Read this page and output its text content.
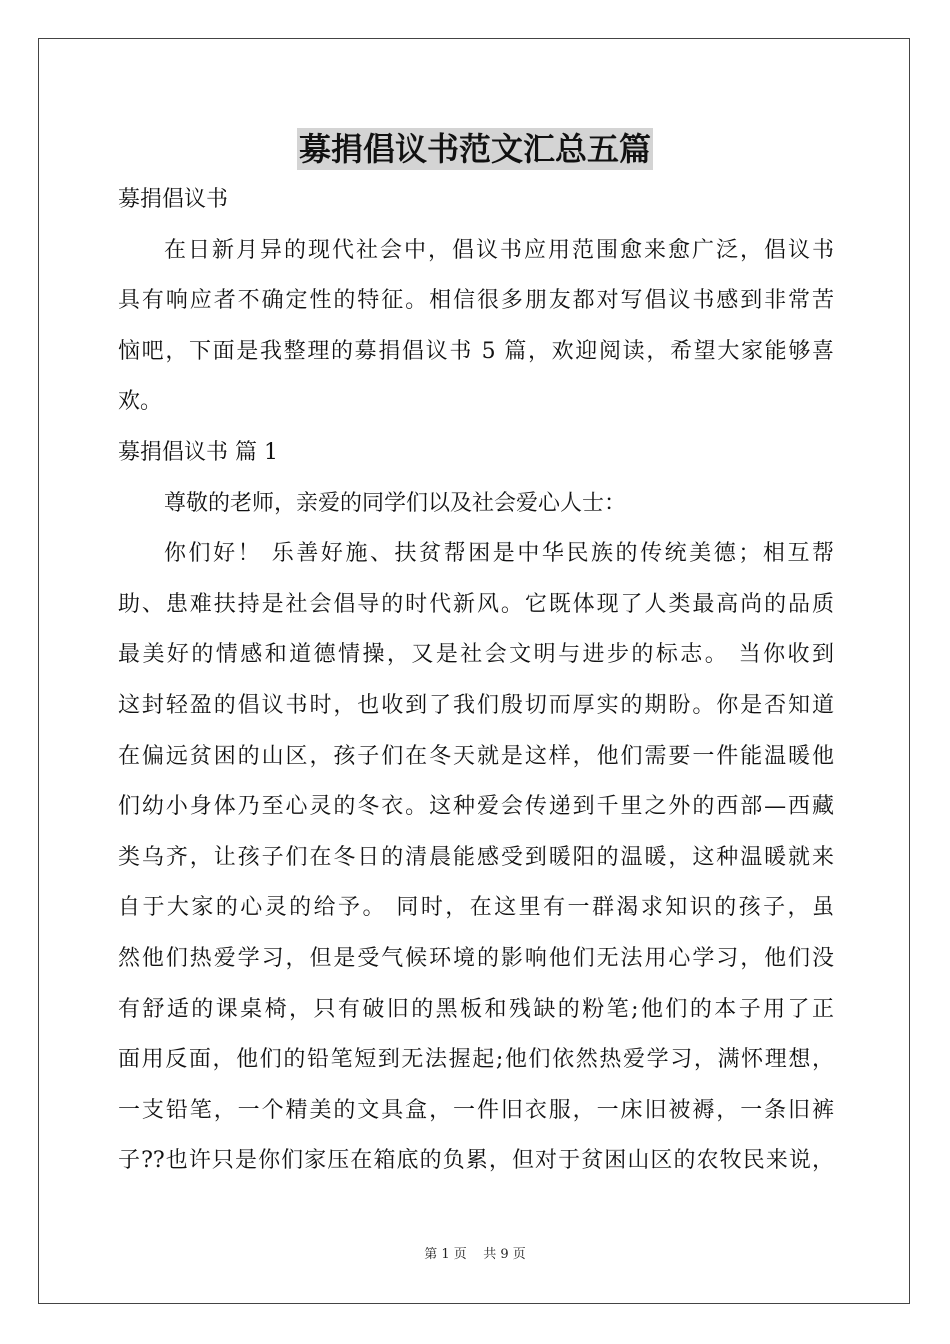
募捐倡议书范文汇总五篇
募捐倡议书
在日新月异的现代社会中，倡议书应用范围愈来愈广泛，倡议书
具有响应者不确定性的特征。相信很多朋友都对写倡议书感到非常苦
恼吧，下面是我整理的募捐倡议书 5 篇，欢迎阅读，希望大家能够喜
欢。
募捐倡议书 篇 1
尊敬的老师，亲爱的同学们以及社会爱心人士：
你们好！ 乐善好施、扶贫帮困是中华民族的传统美德；相互帮
助、患难扶持是社会倡导的时代新风。它既体现了人类最高尚的品质
最美好的情感和道德情操，又是社会文明与进步的标志。 当你收到
这封轻盈的倡议书时，也收到了我们殷切而厚实的期盼。你是否知道
在偏远贫困的山区，孩子们在冬天就是这样，他们需要一件能温暖他
们幼小身体乃至心灵的冬衣。这种爱会传递到千里之外的西部—西藏
类乌齐，让孩子们在冬日的清晨能感受到暖阳的温暖，这种温暖就来
自于大家的心灵的给予。 同时，在这里有一群渴求知识的孩子，虽
然他们热爱学习，但是受气候环境的影响他们无法用心学习，他们没
有舒适的课桌椅，只有破旧的黑板和残缺的粉笔;他们的本子用了正
面用反面，他们的铅笔短到无法握起;他们依然热爱学习，满怀理想，
一支铅笔，一个精美的文具盒，一件旧衣服，一床旧被褥，一条旧裤
子??也许只是你们家压在箱底的负累，但对于贫困山区的农牧民来说，
第 1 页 共 9 页
